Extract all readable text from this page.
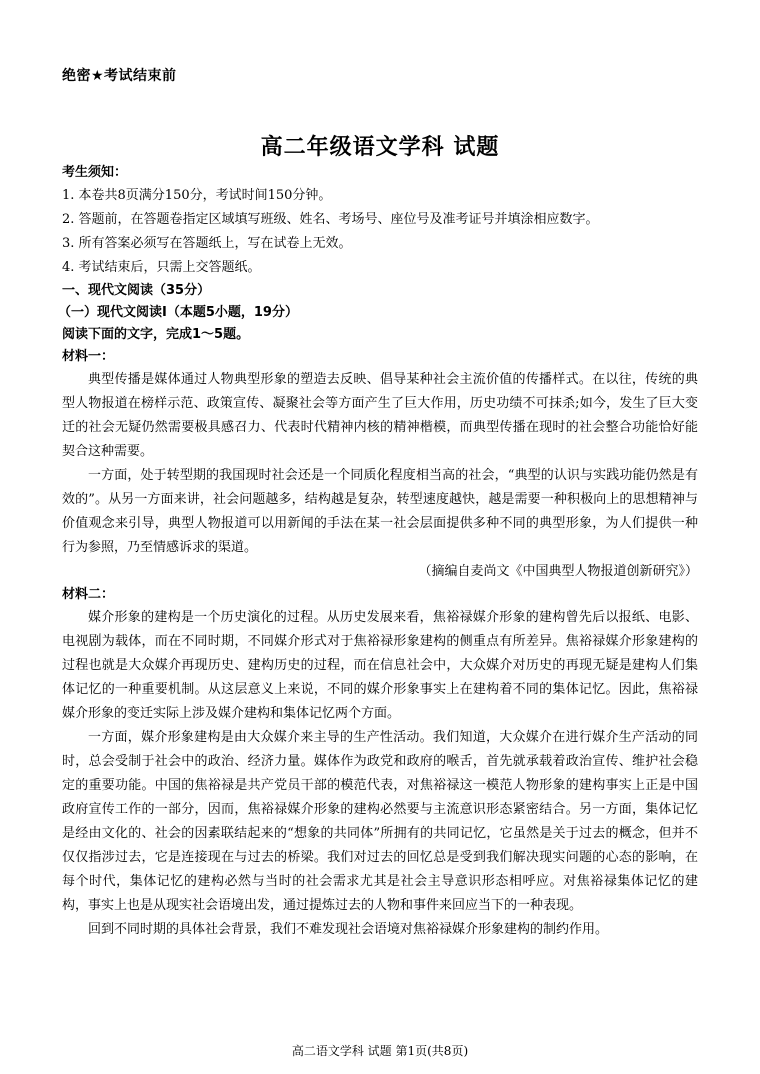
绝密★考试结束前
高二年级语文学科 试题
考生须知：
1. 本卷共8页满分150分，考试时间150分钟。
2. 答题前，在答题卷指定区域填写班级、姓名、考场号、座位号及准考证号并填涂相应数字。
3. 所有答案必须写在答题纸上，写在试卷上无效。
4. 考试结束后，只需上交答题纸。
一、现代文阅读（35分）
（一）现代文阅读Ⅰ（本题5小题，19分）
阅读下面的文字，完成1～5题。
材料一：
典型传播是媒体通过人物典型形象的塑造去反映、倡导某种社会主流价值的传播样式。在以往，传统的典型人物报道在榜样示范、政策宣传、凝聚社会等方面产生了巨大作用，历史功绩不可抹杀;如今，发生了巨大变迁的社会无疑仍然需要极具感召力、代表时代精神内核的精神楷模，而典型传播在现时的社会整合功能恰好能契合这种需要。
一方面，处于转型期的我国现时社会还是一个同质化程度相当高的社会，“典型的认识与实践功能仍然是有效的”。从另一方面来讲，社会问题越多，结构越是复杂，转型速度越快，越是需要一种积极向上的思想精神与价值观念来引导，典型人物报道可以用新闻的手法在某一社会层面提供多种不同的典型形象，为人们提供一种行为参照，乃至情感诉求的渠道。
（摘编自麦尚文《中国典型人物报道创新研究》）
材料二：
媒介形象的建构是一个历史演化的过程。从历史发展来看，焦裕禄媒介形象的建构曾先后以报纸、电影、电视剧为载体，而在不同时期，不同媒介形式对于焦裕禄形象建构的侧重点有所差异。焦裕禄媒介形象建构的过程也就是大众媒介再现历史、建构历史的过程，而在信息社会中，大众媒介对历史的再现无疑是建构人们集体记忆的一种重要机制。从这层意义上来说，不同的媒介形象事实上在建构着不同的集体记忆。因此，焦裕禄媒介形象的变迁实际上涉及媒介建构和集体记忆两个方面。
一方面，媒介形象建构是由大众媒介来主导的生产性活动。我们知道，大众媒介在进行媒介生产活动的同时，总会受制于社会中的政治、经济力量。媒体作为政党和政府的喉舌，首先就承载着政治宣传、维护社会稳定的重要功能。中国的焦裕禄是共产党员干部的模范代表，对焦裕禄这一模范人物形象的建构事实上正是中国政府宣传工作的一部分，因而，焦裕禄媒介形象的建构必然要与主流意识形态紧密结合。另一方面，集体记忆是经由文化的、社会的因素联结起来的“想象的共同体”所拥有的共同记忆，它虽然是关于过去的概念，但并不仅仅指涉过去，它是连接现在与过去的桥梁。我们对过去的回忆总是受到我们解决现实问题的心态的影响，在每个时代，集体记忆的建构必然与当时的社会需求尤其是社会主导意识形态相呼应。对焦裕禄集体记忆的建构，事实上也是从现实社会语境出发，通过提炼过去的人物和事件来回应当下的一种表现。
回到不同时期的具体社会背景，我们不难发现社会语境对焦裕禄媒介形象建构的制约作用。
高二语文学科 试题 第1页(共8页)
